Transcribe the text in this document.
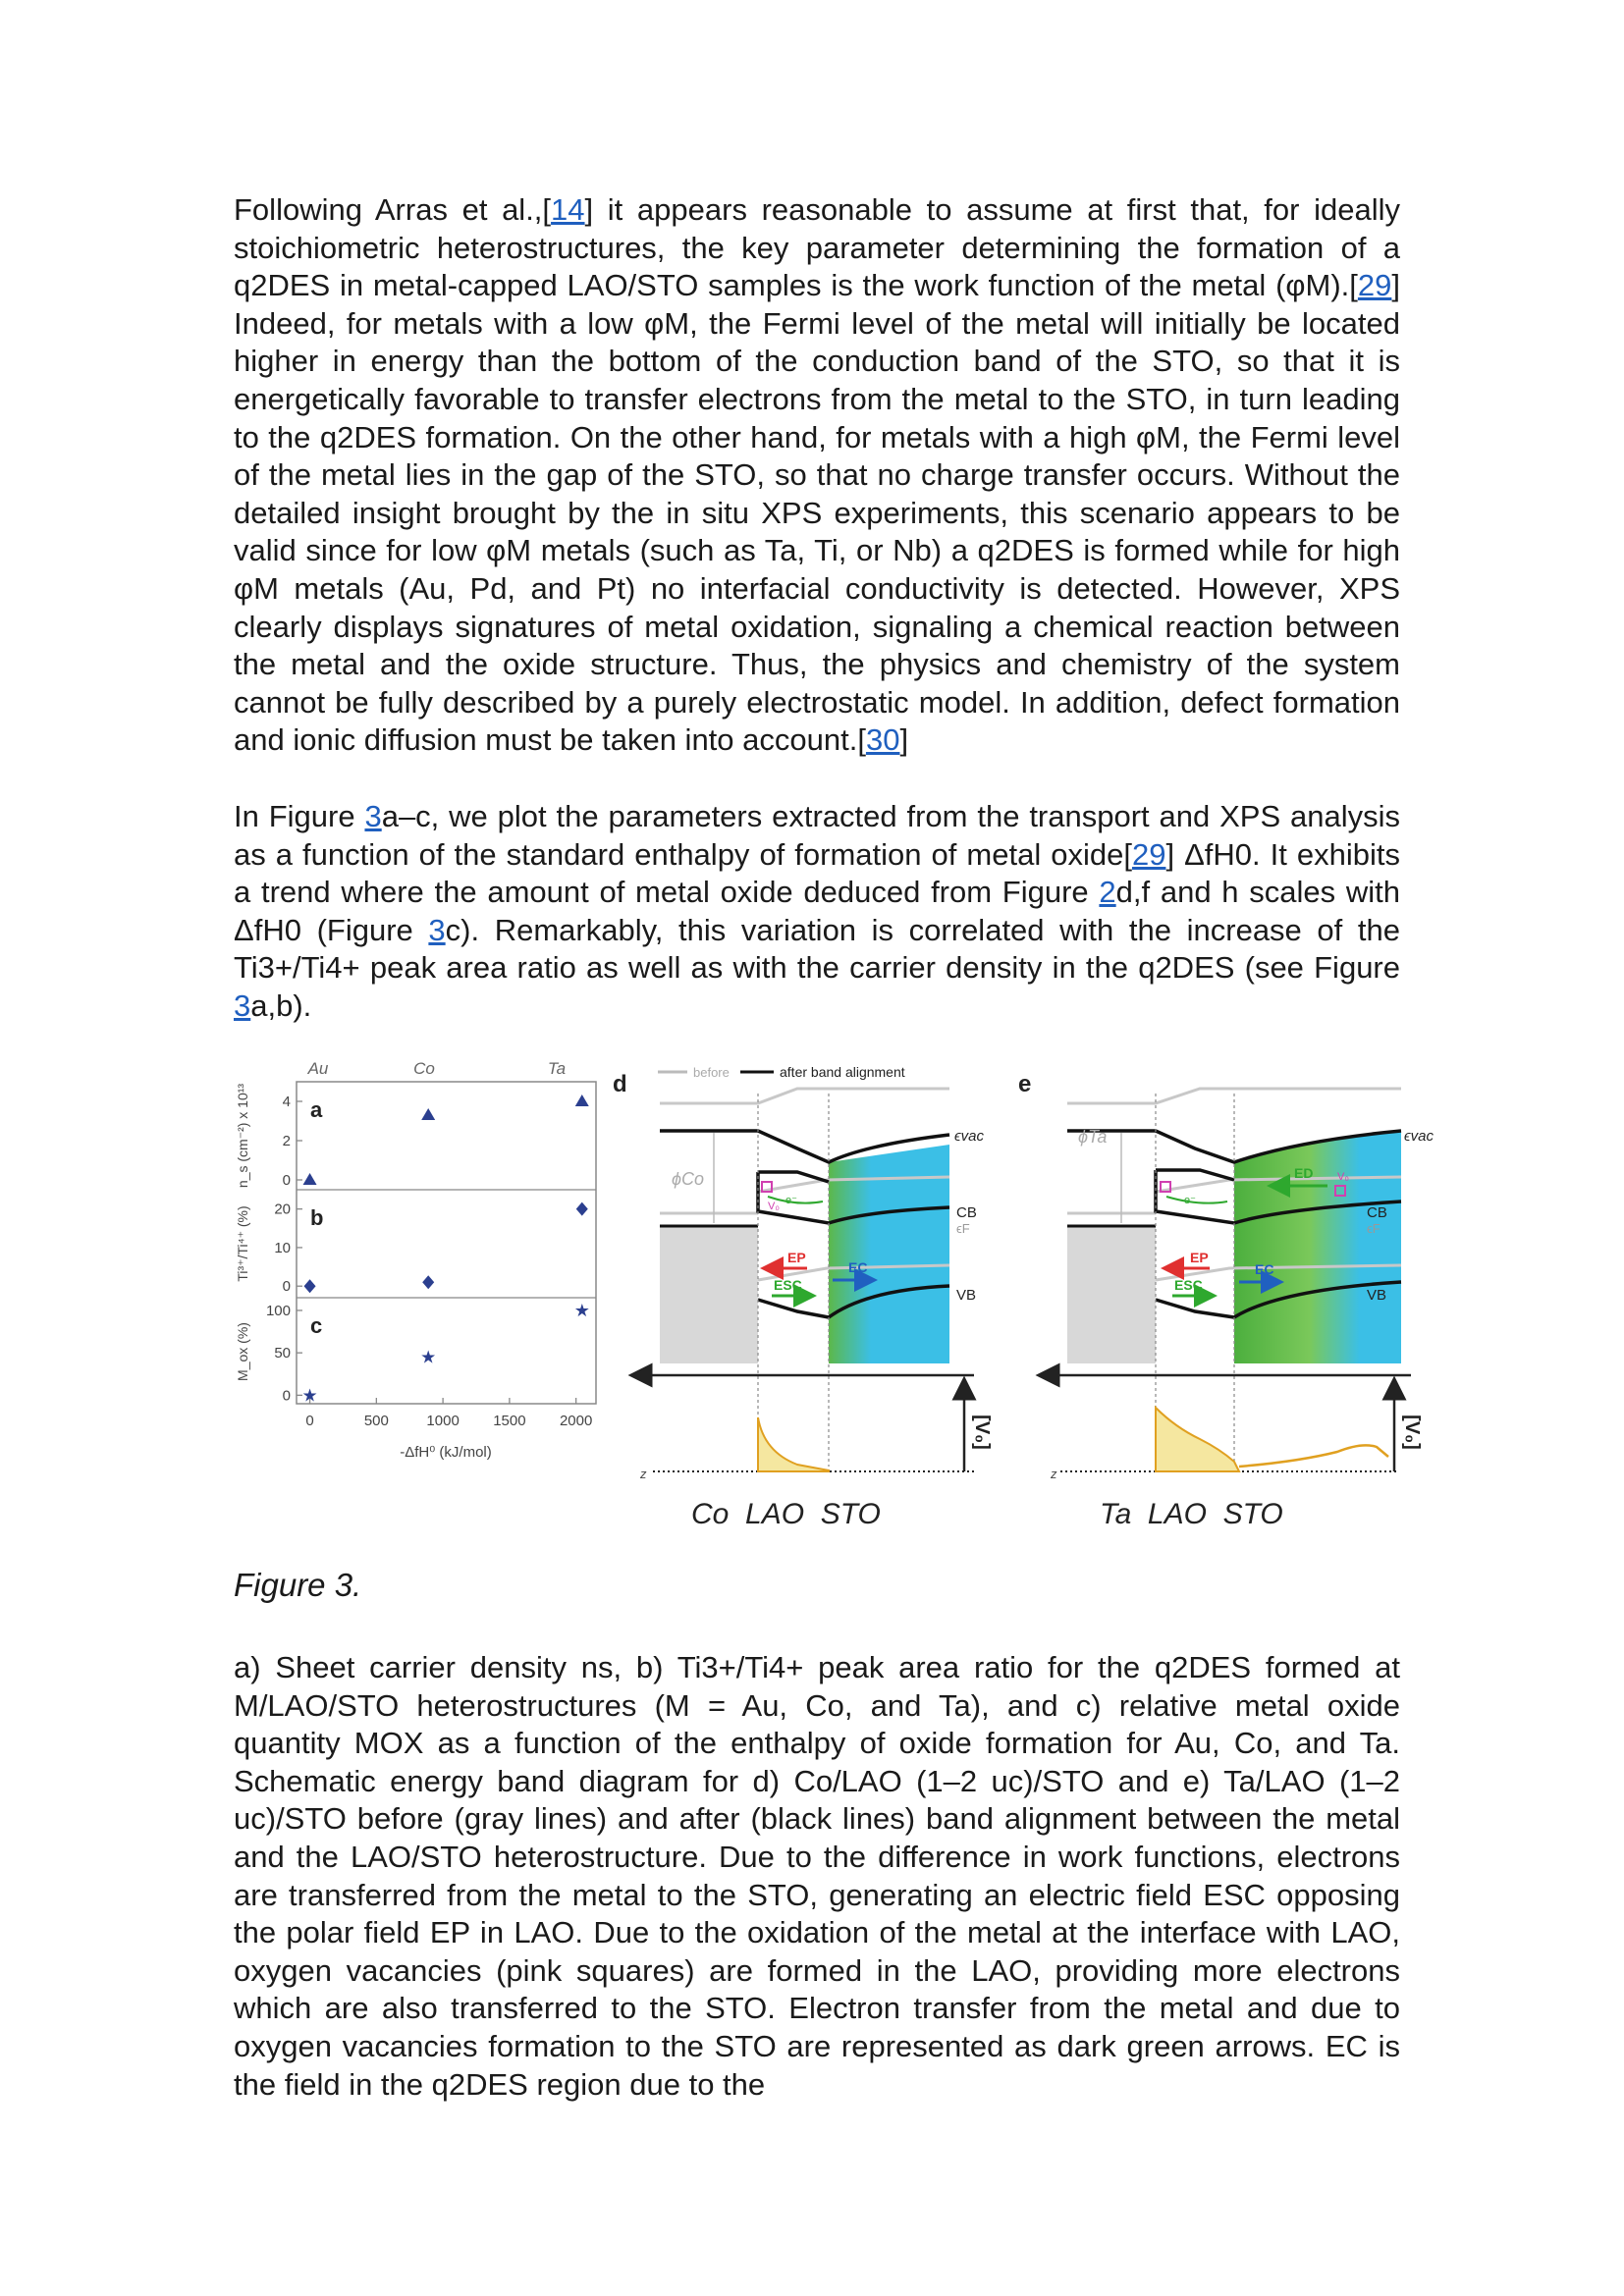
Following Arras et al.,[14] it appears reasonable to assume at first that, for ideally stoichiometric heterostructures, the key parameter determining the formation of a q2DES in metal-capped LAO/STO samples is the work function of the metal (φM).[29] Indeed, for metals with a low φM, the Fermi level of the metal will initially be located higher in energy than the bottom of the conduction band of the STO, so that it is energetically favorable to transfer electrons from the metal to the STO, in turn leading to the q2DES formation. On the other hand, for metals with a high φM, the Fermi level of the metal lies in the gap of the STO, so that no charge transfer occurs. Without the detailed insight brought by the in situ XPS experiments, this scenario appears to be valid since for low φM metals (such as Ta, Ti, or Nb) a q2DES is formed while for high φM metals (Au, Pd, and Pt) no interfacial conductivity is detected. However, XPS clearly displays signatures of metal oxidation, signaling a chemical reaction between the metal and the oxide structure. Thus, the physics and chemistry of the system cannot be fully described by a purely electrostatic model. In addition, defect formation and ionic diffusion must be taken into account.[30]
In Figure 3a–c, we plot the parameters extracted from the transport and XPS analysis as a function of the standard enthalpy of formation of metal oxide[29] ΔfH0. It exhibits a trend where the amount of metal oxide deduced from Figure 2d,f and h scales with ΔfH0 (Figure 3c). Remarkably, this variation is correlated with the increase of the Ti3+/Ti4+ peak area ratio as well as with the carrier density in the q2DES (see Figure 3a,b).
Au	Co	Ta
a
b
c
n_s (cm⁻²) x 10¹³
Ti³⁺/Ti⁴⁺ (%)
M_ox (%)
4
2
0
20
10
0
100
50
0
0	500	1000 1500 2000
-ΔfH⁰ (kJ/mol)
★
★
★
d	before	after band alignment
ϕCo
V₀ e⁻
EP
ESC
EC
ϵvac
CB
ϵF
VB
z
[V₀]
Co  LAO  STO
e
ϕTa
V₀
ED
e⁻
EP
ESC
EC
ϵvac
CB
ϵF
VB
z
[V₀]
Ta  LAO  STO
Figure 3.
a) Sheet carrier density ns, b) Ti3+/Ti4+ peak area ratio for the q2DES formed at M/LAO/STO heterostructures (M = Au, Co, and Ta), and c) relative metal oxide quantity MOX as a function of the enthalpy of oxide formation for Au, Co, and Ta. Schematic energy band diagram for d) Co/LAO (1–2 uc)/STO and e) Ta/LAO (1–2 uc)/STO before (gray lines) and after (black lines) band alignment between the metal and the LAO/STO heterostructure. Due to the difference in work functions, electrons are transferred from the metal to the STO, generating an electric field ESC opposing the polar field EP in LAO. Due to the oxidation of the metal at the interface with LAO, oxygen vacancies (pink squares) are formed in the LAO, providing more electrons which are also transferred to the STO. Electron transfer from the metal and due to oxygen vacancies formation to the STO are represented as dark green arrows. EC is the field in the q2DES region due to the
